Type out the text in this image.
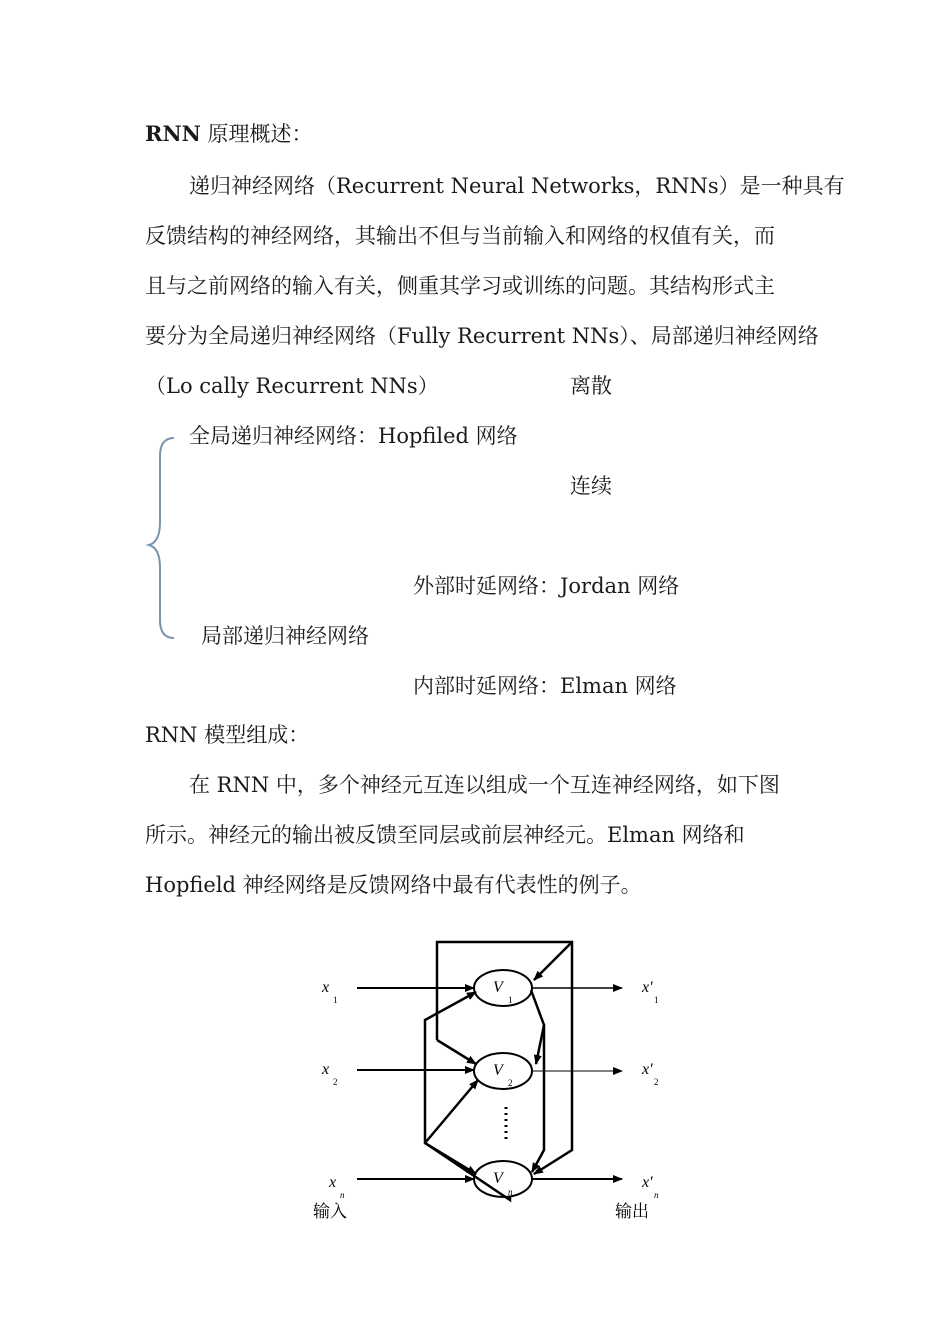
RNN 原理概述：
递归神经网络（Recurrent Neural Networks，RNNs）是一种具有
反馈结构的神经网络，其输出不但与当前输入和网络的权值有关，而
且与之前网络的输入有关，侧重其学习或训练的问题。其结构形式主
要分为全局递归神经网络（Fully Recurrent NNs）、局部递归神经网络
（Lo cally Recurrent NNs）	离散
全局递归神经网络：Hopfiled 网络
连续
外部时延网络：Jordan 网络
局部递归神经网络
内部时延网络：Elman 网络
RNN 模型组成：
在 RNN 中，多个神经元互连以组成一个互连神经网络，如下图
所示。神经元的输出被反馈至同层或前层神经元。Elman 网络和
Hopfield 神经网络是反馈网络中最有代表性的例子。
x
1
x
2
x
n
V
1
V
2
V
n
x'
1
x'
2
x'
n
输入	输出
